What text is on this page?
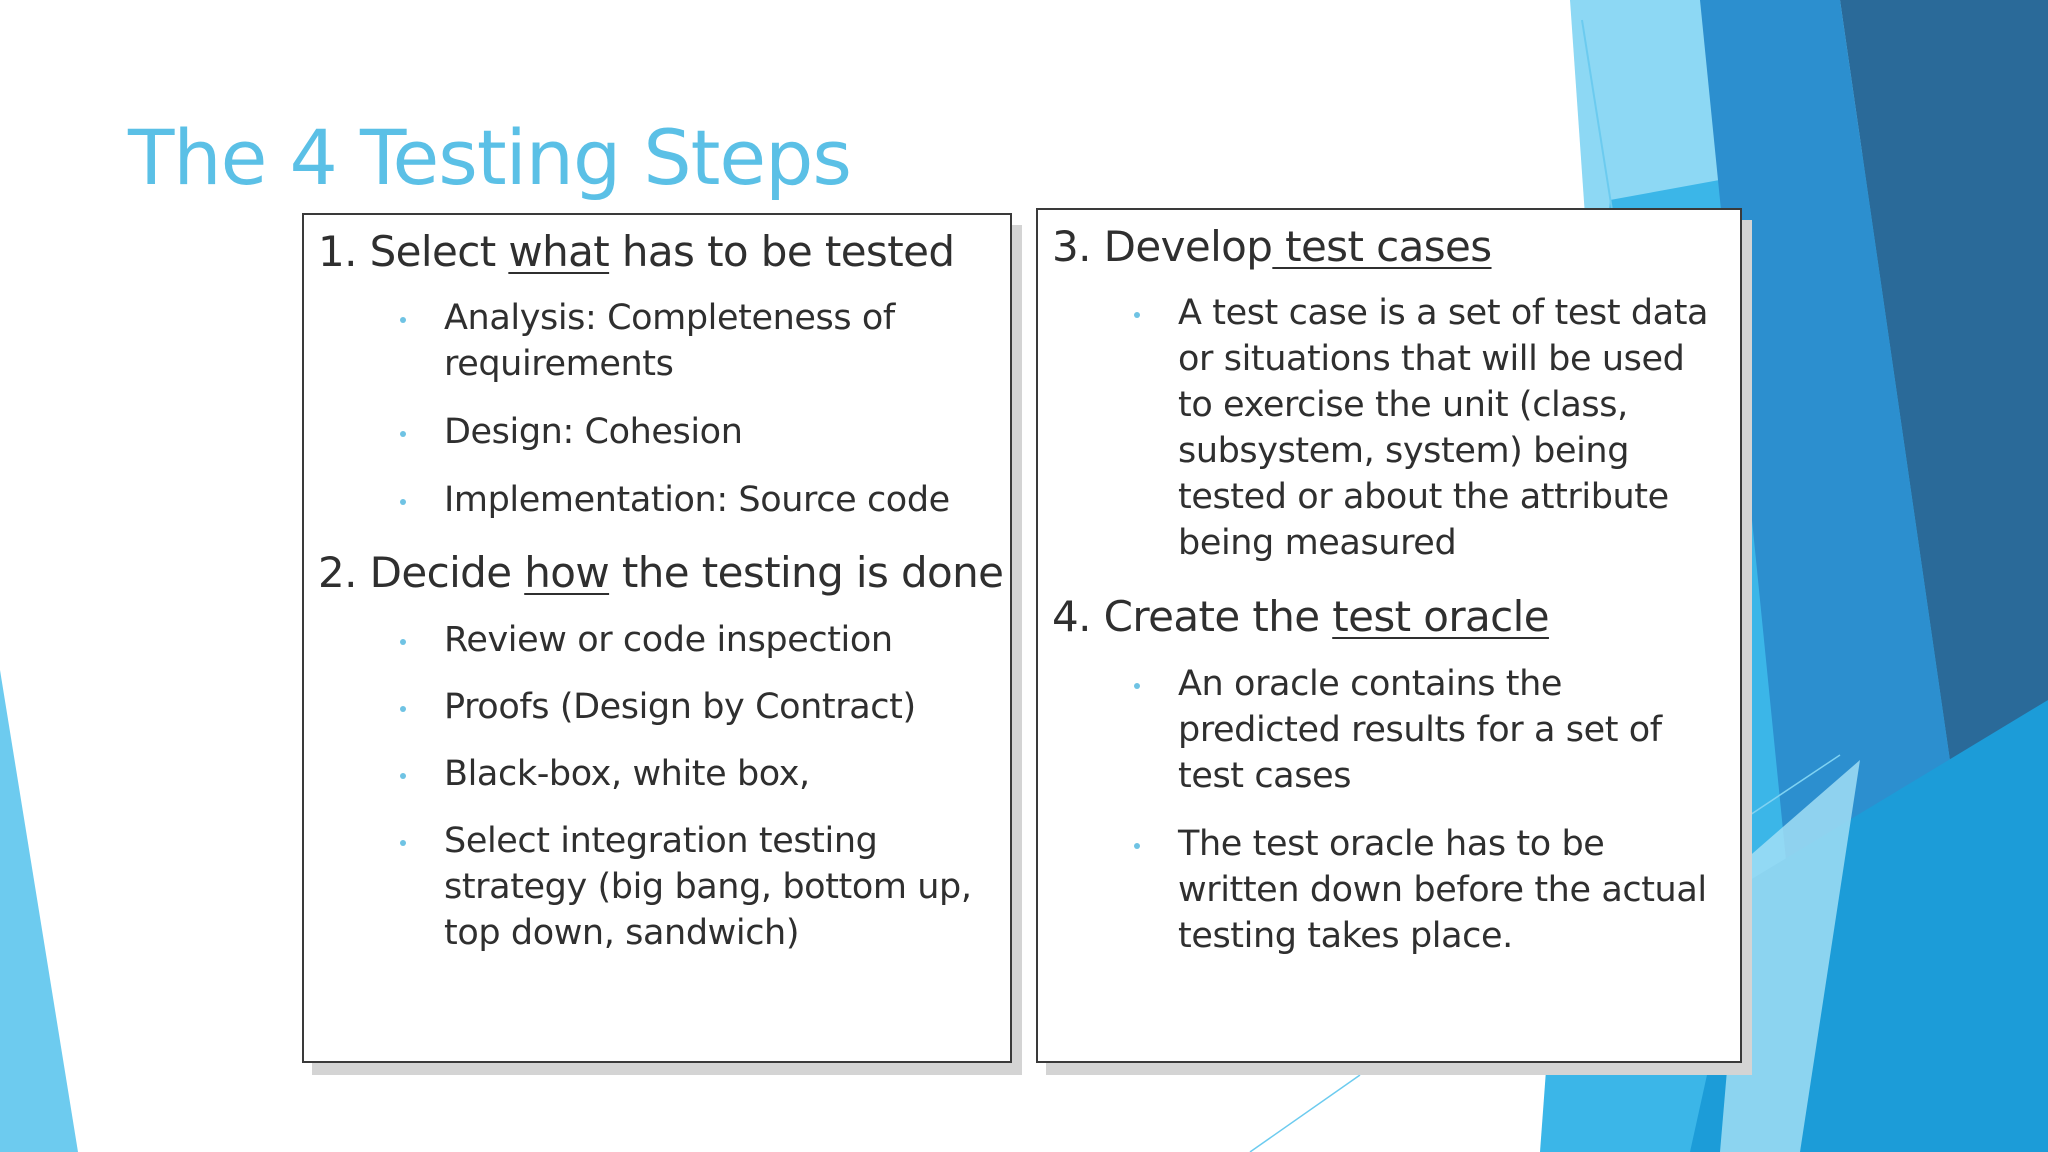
The 4 Testing Steps

1. Select what has to be tested

Analysis: Completeness of requirements
Design: Cohesion
Implementation: Source code

2. Decide how the testing is done

Review or code inspection
Proofs (Design by Contract)
Black-box, white box,
Select integration testing strategy (big bang, bottom up, top down, sandwich)

3. Develop test cases

A test case is a set of test data or situations that will be used to exercise the unit (class, subsystem, system) being tested or about the attribute being measured

4. Create the test oracle

An oracle contains the predicted results for a set of test cases
The test oracle has to be written down before the actual testing takes place.
